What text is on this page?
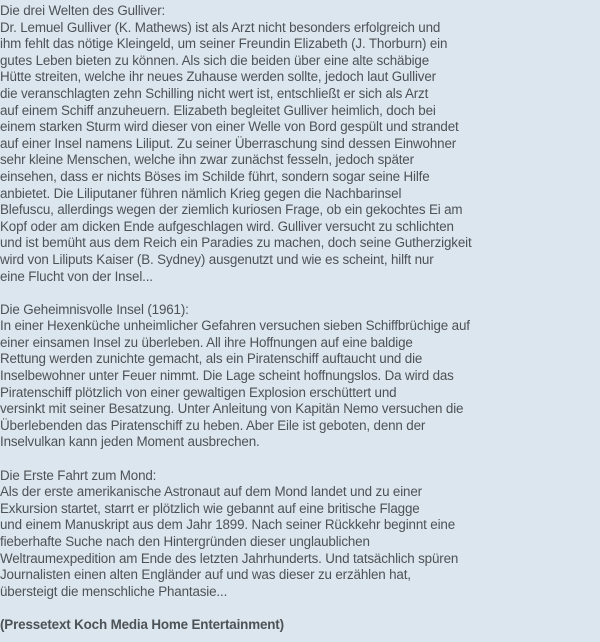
Die drei Welten des Gulliver:
Dr. Lemuel Gulliver (K. Mathews) ist als Arzt nicht besonders erfolgreich und
ihm fehlt das nötige Kleingeld, um seiner Freundin Elizabeth (J. Thorburn) ein
gutes Leben bieten zu können. Als sich die beiden über eine alte schäbige
Hütte streiten, welche ihr neues Zuhause werden sollte, jedoch laut Gulliver
die veranschlagten zehn Schilling nicht wert ist, entschließt er sich als Arzt
auf einem Schiff anzuheuern. Elizabeth begleitet Gulliver heimlich, doch bei
einem starken Sturm wird dieser von einer Welle von Bord gespült und strandet
auf einer Insel namens Liliput. Zu seiner Überraschung sind dessen Einwohner
sehr kleine Menschen, welche ihn zwar zunächst fesseln, jedoch später
einsehen, dass er nichts Böses im Schilde führt, sondern sogar seine Hilfe
anbietet. Die Liliputaner führen nämlich Krieg gegen die Nachbarinsel
Blefuscu, allerdings wegen der ziemlich kuriosen Frage, ob ein gekochtes Ei am
Kopf oder am dicken Ende aufgeschlagen wird. Gulliver versucht zu schlichten
und ist bemüht aus dem Reich ein Paradies zu machen, doch seine Gutherzigkeit
wird von Liliputs Kaiser (B. Sydney) ausgenutzt und wie es scheint, hilft nur
eine Flucht von der Insel...
Die Geheimnisvolle Insel (1961):
In einer Hexenküche unheimlicher Gefahren versuchen sieben Schiffbrüchige auf
einer einsamen Insel zu überleben. All ihre Hoffnungen auf eine baldige
Rettung werden zunichte gemacht, als ein Piratenschiff auftaucht und die
Inselbewohner unter Feuer nimmt. Die Lage scheint hoffnungslos. Da wird das
Piratenschiff plötzlich von einer gewaltigen Explosion erschüttert und
versinkt mit seiner Besatzung. Unter Anleitung von Kapitän Nemo versuchen die
Überlebenden das Piratenschiff zu heben. Aber Eile ist geboten, denn der
Inselvulkan kann jeden Moment ausbrechen.
Die Erste Fahrt zum Mond:
Als der erste amerikanische Astronaut auf dem Mond landet und zu einer
Exkursion startet, starrt er plötzlich wie gebannt auf eine britische Flagge
und einem Manuskript aus dem Jahr 1899. Nach seiner Rückkehr beginnt eine
fieberhafte Suche nach den Hintergründen dieser unglaublichen
Weltraumexpedition am Ende des letzten Jahrhunderts. Und tatsächlich spüren
Journalisten einen alten Engländer auf und was dieser zu erzählen hat,
übersteigt die menschliche Phantasie...
(Pressetext Koch Media Home Entertainment)
